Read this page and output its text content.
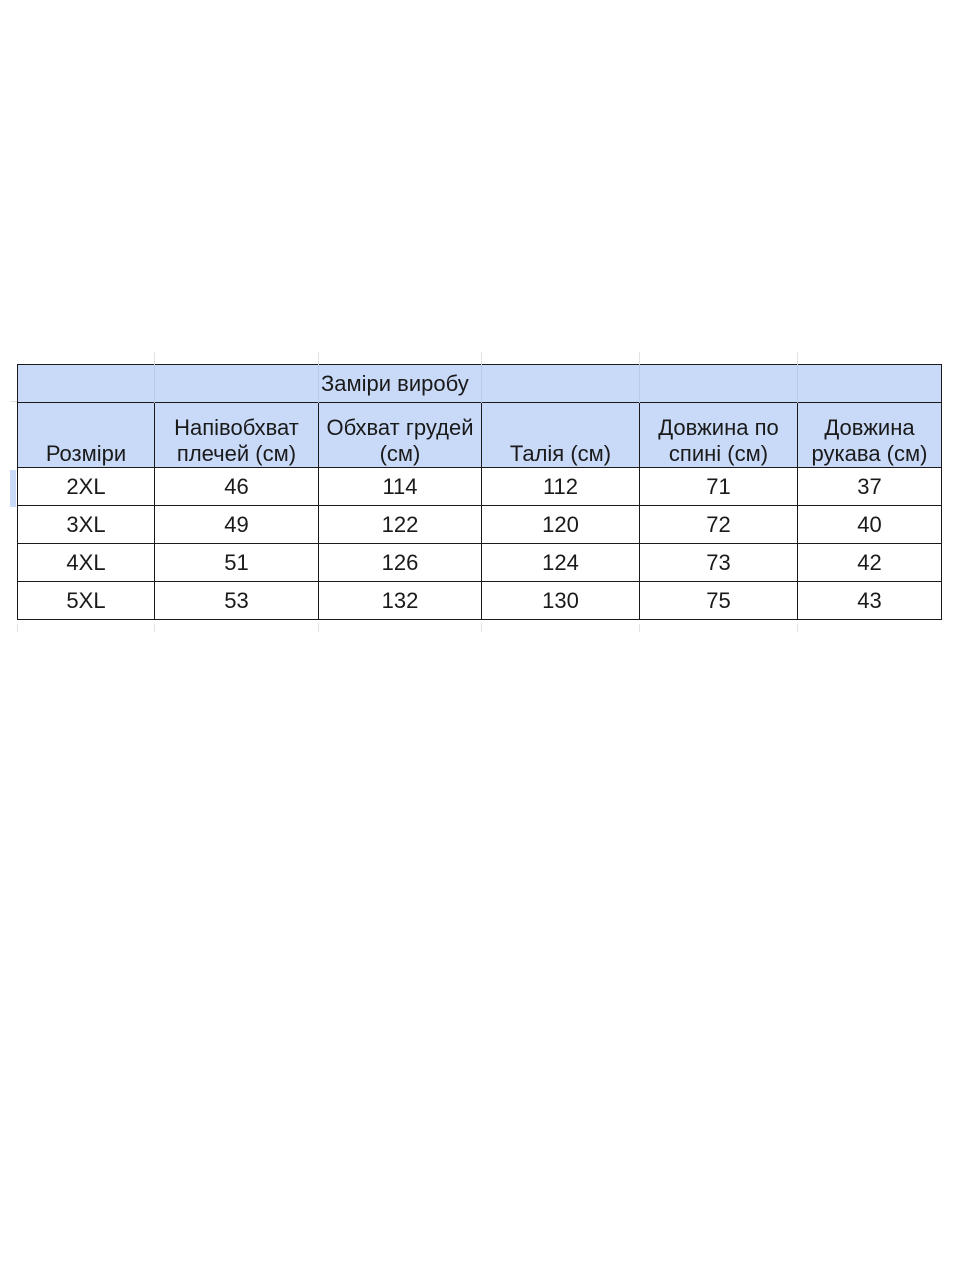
		Заміри виробу			
Розміри	Напівобхват плечей (см)	Обхват грудей (см)	Талія (см)	Довжина по спині (см)	Довжина рукава (см)
2XL	46	114	112	71	37
3XL	49	122	120	72	40
4XL	51	126	124	73	42
5XL	53	132	130	75	43
